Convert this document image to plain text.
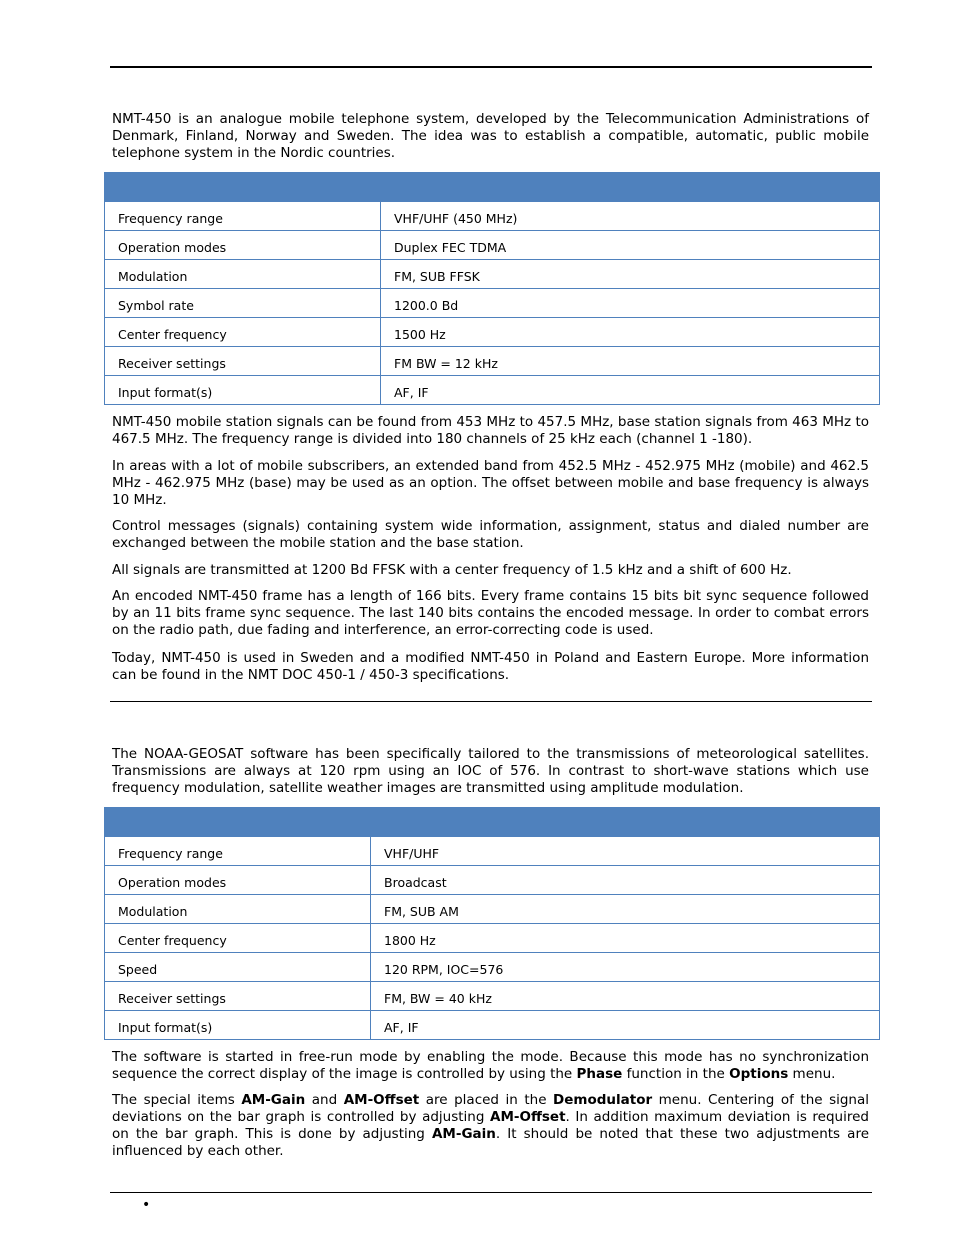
NMT-450 is an analogue mobile telephone system, developed by the Telecommunication Administrations of Denmark, Finland, Norway and Sweden. The idea was to establish a compatible, automatic, public mobile telephone system in the Nordic countries.

Frequency range	VHF/UHF (450 MHz)
Operation modes	Duplex FEC TDMA
Modulation	FM, SUB FFSK
Symbol rate	1200.0 Bd
Center frequency	1500 Hz
Receiver settings	FM BW = 12 kHz
Input format(s)	AF, IF

NMT-450 mobile station signals can be found from 453 MHz to 457.5 MHz, base station signals from 463 MHz to 467.5 MHz. The frequency range is divided into 180 channels of 25 kHz each (channel 1 -180).

In areas with a lot of mobile subscribers, an extended band from 452.5 MHz - 452.975 MHz (mobile) and 462.5 MHz - 462.975 MHz (base) may be used as an option. The offset between mobile and base frequency is always 10 MHz.

Control messages (signals) containing system wide information, assignment, status and dialed number are exchanged between the mobile station and the base station.

All signals are transmitted at 1200 Bd FFSK with a center frequency of 1.5 kHz and a shift of 600 Hz.

An encoded NMT-450 frame has a length of 166 bits. Every frame contains 15 bits bit sync sequence followed by an 11 bits frame sync sequence. The last 140 bits contains the encoded message. In order to combat errors on the radio path, due fading and interference, an error-correcting code is used.

Today, NMT-450 is used in Sweden and a modified NMT-450 in Poland and Eastern Europe. More information can be found in the NMT DOC 450-1 / 450-3 specifications.

The NOAA-GEOSAT software has been specifically tailored to the transmissions of meteorological satellites. Transmissions are always at 120 rpm using an IOC of 576. In contrast to short-wave stations which use frequency modulation, satellite weather images are transmitted using amplitude modulation.

Frequency range	VHF/UHF
Operation modes	Broadcast
Modulation	FM, SUB AM
Center frequency	1800 Hz
Speed	120 RPM, IOC=576
Receiver settings	FM, BW = 40 kHz
Input format(s)	AF, IF

The software is started in free-run mode by enabling the mode. Because this mode has no synchronization sequence the correct display of the image is controlled by using the Phase function in the Options menu.

The special items AM-Gain and AM-Offset are placed in the Demodulator menu. Centering of the signal deviations on the bar graph is controlled by adjusting AM-Offset. In addition maximum deviation is required on the bar graph. This is done by adjusting AM-Gain. It should be noted that these two adjustments are influenced by each other.

•
